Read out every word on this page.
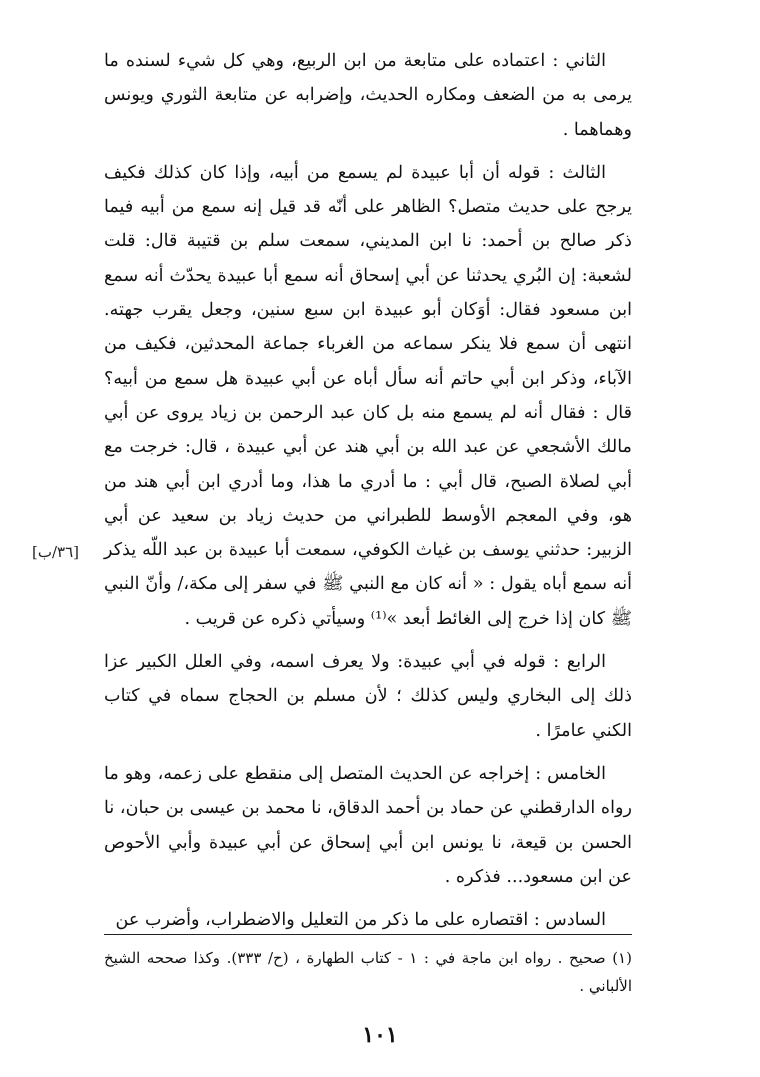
الثاني : اعتماده على متابعة من ابن الربيع، وهي كل شيء لسنده ما يرمى به من الضعف ومكاره الحديث، وإضرابه عن متابعة الثوري ويونس وهماهما .

الثالث : قوله أن أبا عبيدة لم يسمع من أبيه، وإذا كان كذلك فكيف يرجح على حديث متصل؟ الظاهر على أنّه قد قيل إنه سمع من أبيه فيما ذكر صالح بن أحمد: نا ابن المديني، سمعت سلم بن قتيبة قال: قلت لشعبة: إن البُري يحدثنا عن أبي إسحاق أنه سمع أبا عبيدة يحدّث أنه سمع ابن مسعود فقال: أوَكان أبو عبيدة ابن سبع سنين، وجعل يقرب جهته. انتهى أن سمع فلا ينكر سماعه من الغرباء جماعة المحدثين، فكيف من الآباء، وذكر ابن أبي حاتم أنه سأل أباه عن أبي عبيدة هل سمع من أبيه؟ قال : فقال أنه لم يسمع منه بل كان عبد الرحمن بن زياد يروى عن أبي مالك الأشجعي عن عبد الله بن أبي هند عن أبي عبيدة ، قال: خرجت مع أبي لصلاة الصبح، قال أبي : ما أدري ما هذا، وما أدري ابن أبي هند من هو، وفي المعجم الأوسط للطبراني من حديث زياد بن سعيد عن أبي الزبير: حدثني يوسف بن غياث الكوفي، سمعت أبا عبيدة بن عبد اللّه يذكر أنه سمع أباه يقول : « أنه كان مع النبي ﷺ في سفر إلى مكة،/ وأنّ النبي ﷺ كان إذا خرج إلى الغائط أبعد »⁽¹⁾ وسيأتي ذكره عن قريب .

الرابع : قوله في أبي عبيدة: ولا يعرف اسمه، وفي العلل الكبير عزا ذلك إلى البخاري وليس كذلك ؛ لأن مسلم بن الحجاج سماه في كتاب الكني عامرًا .

الخامس : إخراجه عن الحديث المتصل إلى منقطع على زعمه، وهو ما رواه الدارقطني عن حماد بن أحمد الدقاق، نا محمد بن عيسى بن حبان، نا الحسن بن قيعة، نا يونس ابن أبي إسحاق عن أبي عبيدة وأبي الأحوص عن ابن مسعود... فذكره .

السادس : اقتصاره على ما ذكر من التعليل والاضطراب، وأضرب عن

[٣٦/ب]

(١) صحيح . رواه ابن ماجة في : ١ - كتاب الطهارة ، (ح/ ٣٣٣). وكذا صححه الشيخ الألباني .

١٠١
